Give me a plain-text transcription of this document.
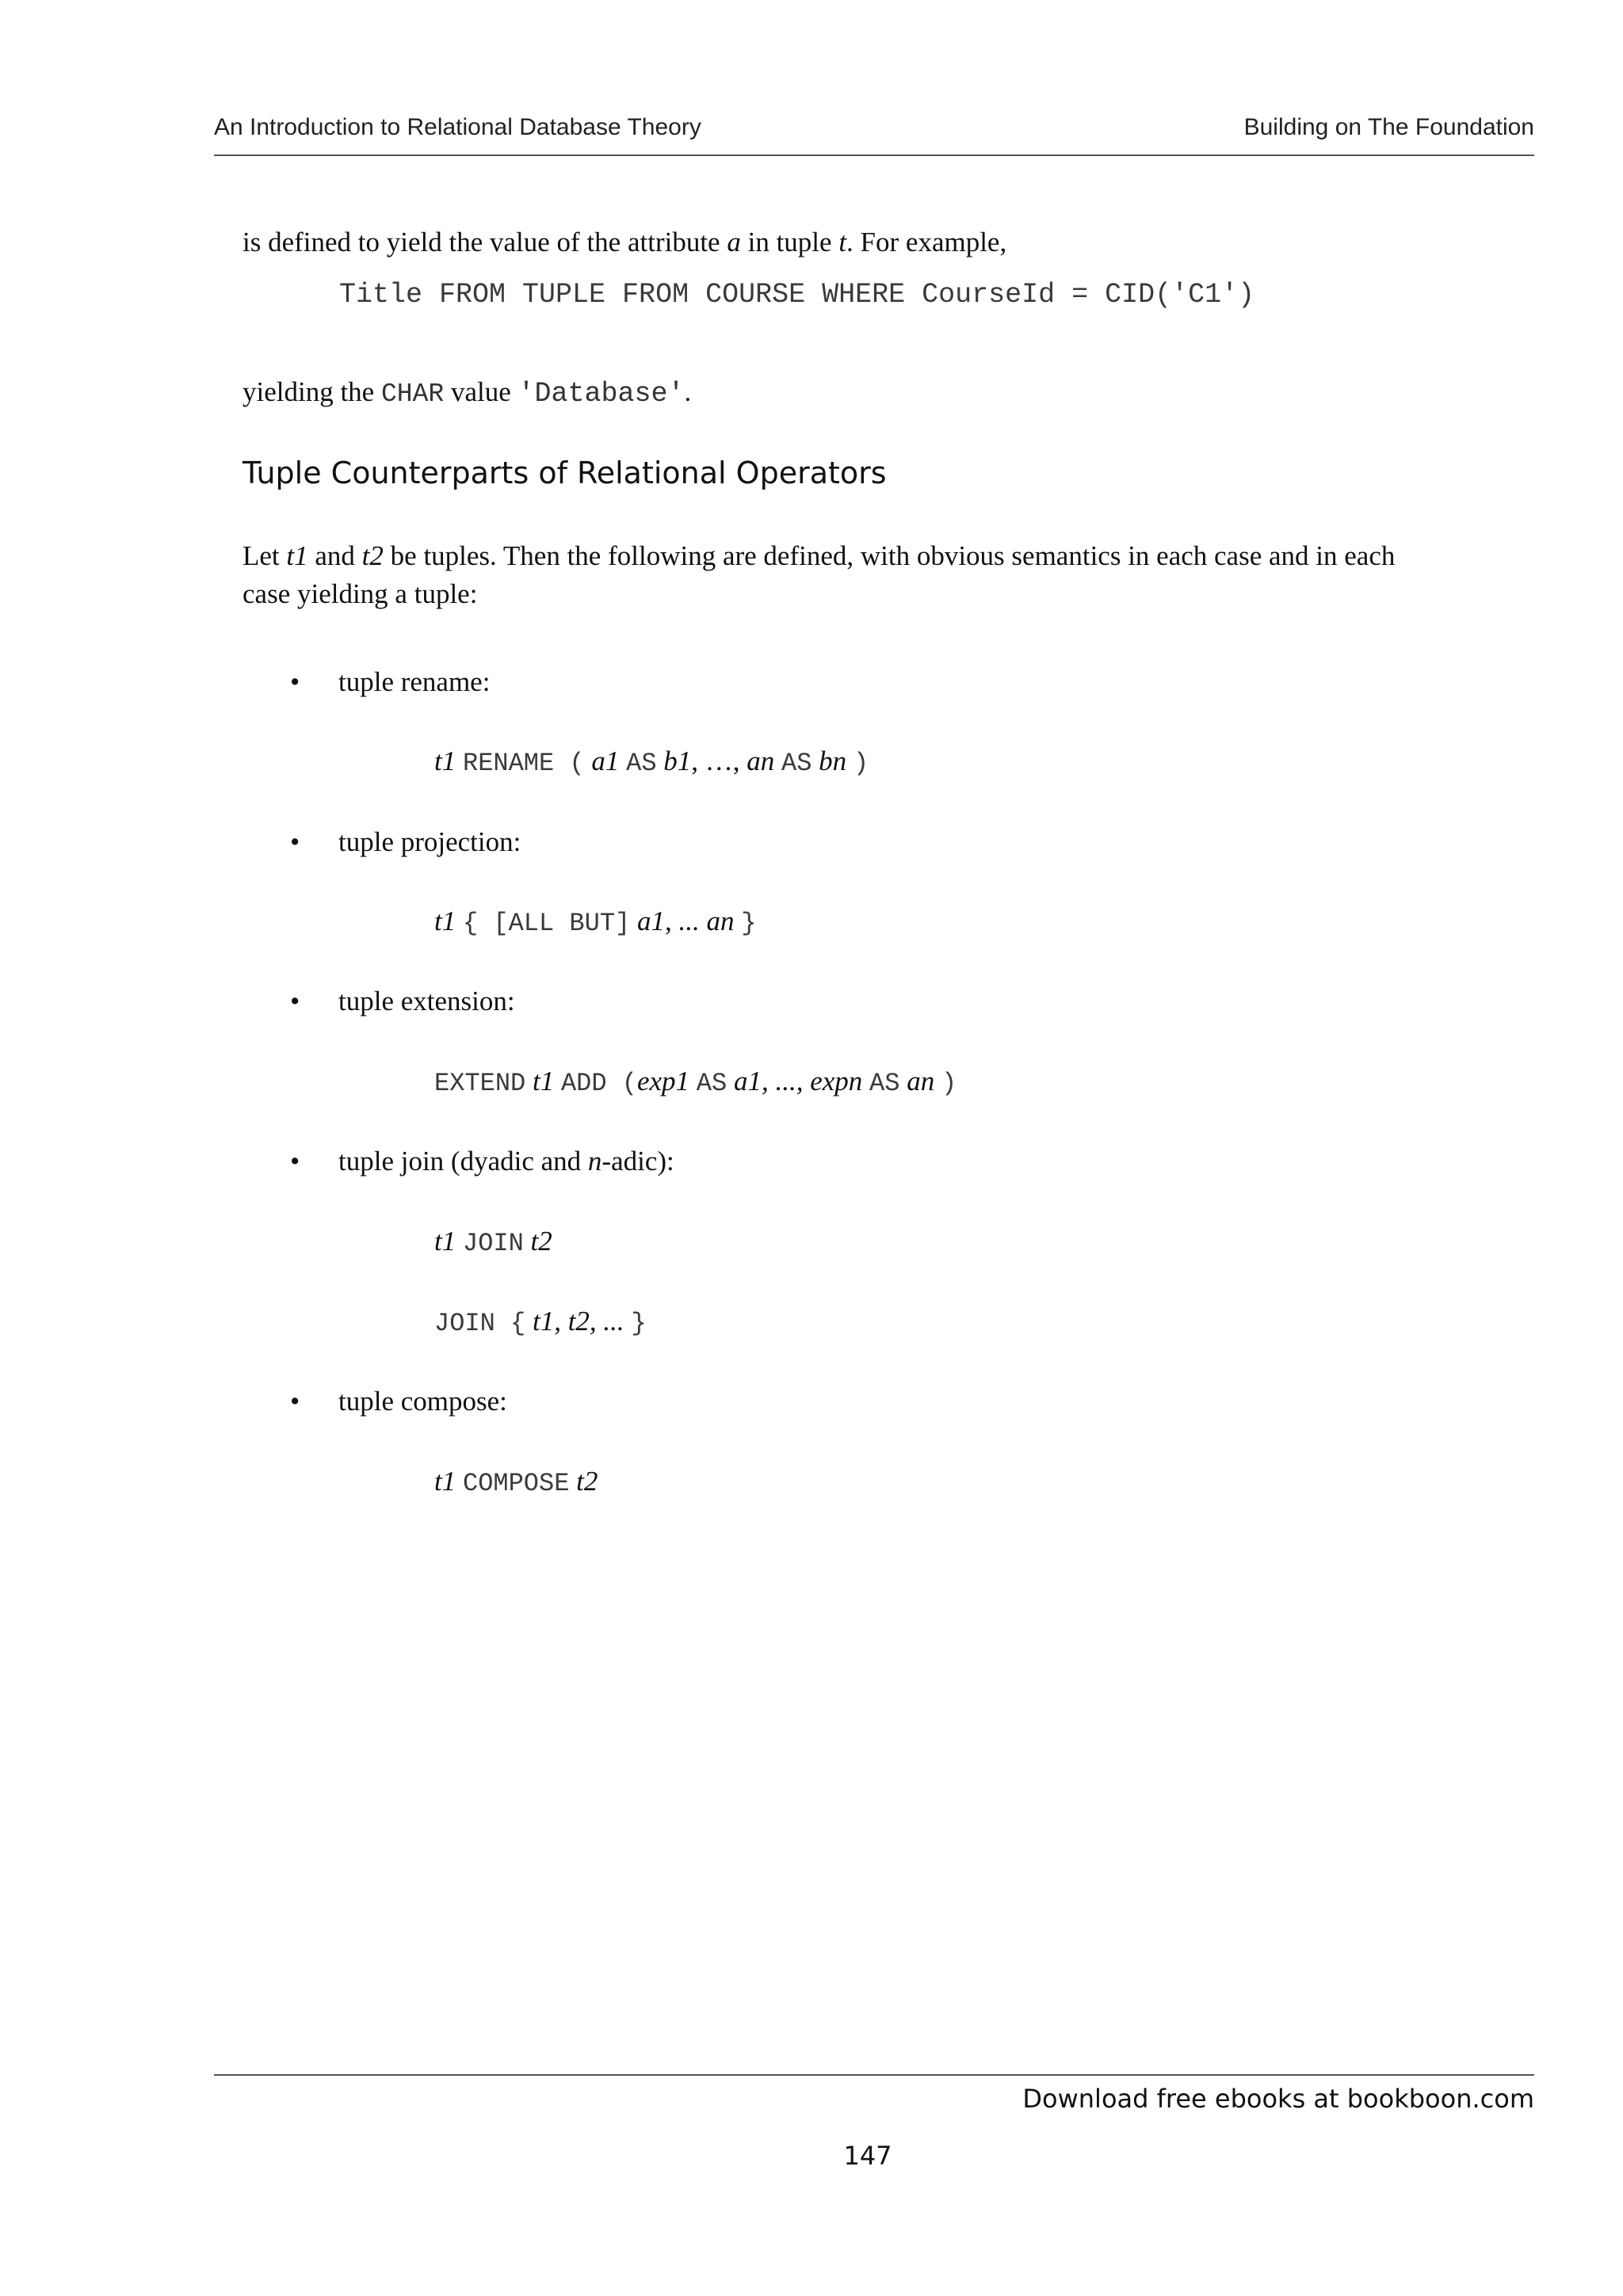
An Introduction to Relational Database Theory	Building on The Foundation
is defined to yield the value of the attribute a in tuple t. For example,
Title FROM TUPLE FROM COURSE WHERE CourseId = CID('C1')
yielding the CHAR value 'Database'.
Tuple Counterparts of Relational Operators
Let t1 and t2 be tuples. Then the following are defined, with obvious semantics in each case and in each
case yielding a tuple:
• tuple rename:
t1 RENAME ( a1 AS b1, …, an AS bn )
• tuple projection:
t1 { [ALL BUT] a1, ... an }
• tuple extension:
EXTEND t1 ADD (exp1 AS a1, ..., expn AS an )
• tuple join (dyadic and n-adic):
t1 JOIN t2
JOIN { t1, t2, ... }
• tuple compose:
t1 COMPOSE t2
Download free ebooks at bookboon.com
147
